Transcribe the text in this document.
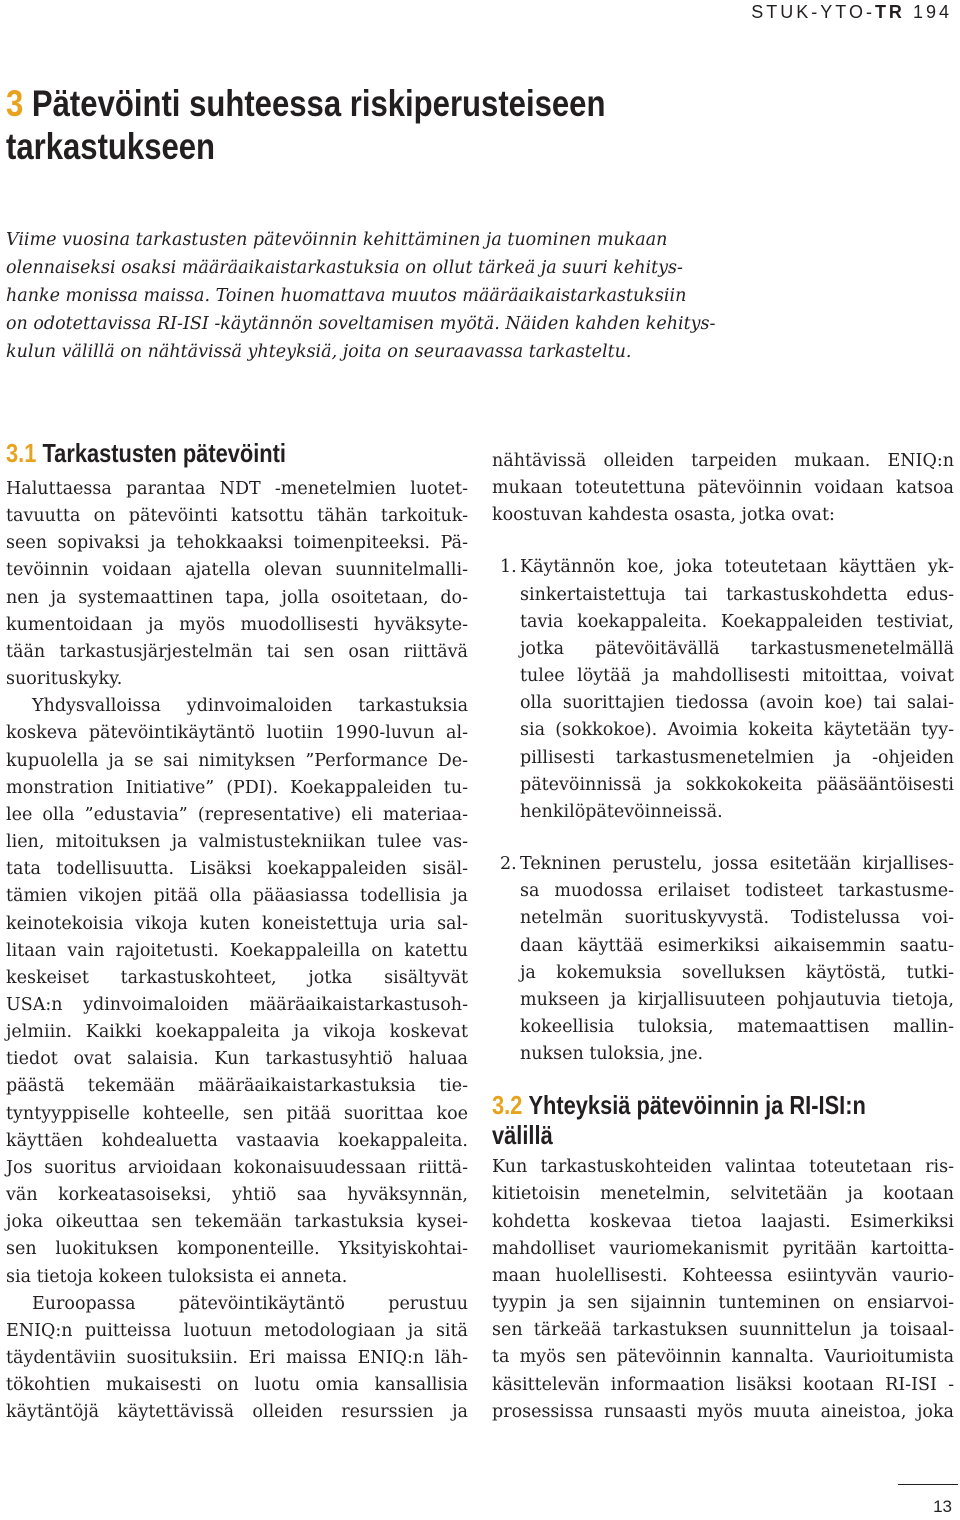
STUK-YTO-TR 194
3 Pätevöinti suhteessa riskiperusteiseen
tarkastukseen

Viime vuosina tarkastusten pätevöinnin kehittäminen ja tuominen mukaan
olennaiseksi osaksi määräaikaistarkastuksia on ollut tärkeä ja suuri kehitys-
hanke monissa maissa. Toinen huomattava muutos määräaikaistarkastuksiin
on odotettavissa RI-ISI -käytännön soveltamisen myötä. Näiden kahden kehitys-
kulun välillä on nähtävissä yhteyksiä, joita on seuraavassa tarkasteltu.

3.1 Tarkastusten pätevöinti

Haluttaessa parantaa NDT -menetelmien luotet-
tavuutta on pätevöinti katsottu tähän tarkoituk-
seen sopivaksi ja tehokkaaksi toimenpiteeksi. Pä-
tevöinnin voidaan ajatella olevan suunnitelmalli-
nen ja systemaattinen tapa, jolla osoitetaan, do-
kumentoidaan ja myös muodollisesti hyväksyte-
tään tarkastusjärjestelmän tai sen osan riittävä
suorituskyky.

Yhdysvalloissa ydinvoimaloiden tarkastuksia
koskeva pätevöintikäytäntö luotiin 1990-luvun al-
kupuolella ja se sai nimityksen ”Performance De-
monstration Initiative” (PDI). Koekappaleiden tu-
lee olla ”edustavia” (representative) eli materiaa-
lien, mitoituksen ja valmistustekniikan tulee vas-
tata todellisuutta. Lisäksi koekappaleiden sisäl-
tämien vikojen pitää olla pääasiassa todellisia ja
keinotekoisia vikoja kuten koneistettuja uria sal-
litaan vain rajoitetusti. Koekappaleilla on katettu
keskeiset tarkastuskohteet, jotka sisältyvät
USA:n ydinvoimaloiden määräaikaistarkastusoh-
jelmiin. Kaikki koekappaleita ja vikoja koskevat
tiedot ovat salaisia. Kun tarkastusyhtiö haluaa
päästä tekemään määräaikaistarkastuksia tie-
tyntyyppiselle kohteelle, sen pitää suorittaa koe
käyttäen kohdealuetta vastaavia koekappaleita.
Jos suoritus arvioidaan kokonaisuudessaan riittä-
vän korkeatasoiseksi, yhtiö saa hyväksynnän,
joka oikeuttaa sen tekemään tarkastuksia kysei-
sen luokituksen komponenteille. Yksityiskohtai-
sia tietoja kokeen tuloksista ei anneta.

Euroopassa pätevöintikäytäntö perustuu
ENIQ:n puitteissa luotuun metodologiaan ja sitä
täydentäviin suosituksiin. Eri maissa ENIQ:n läh-
tökohtien mukaisesti on luotu omia kansallisia
käytäntöjä käytettävissä olleiden resurssien ja

nähtävissä olleiden tarpeiden mukaan. ENIQ:n
mukaan toteutettuna pätevöinnin voidaan katsoa
koostuvan kahdesta osasta, jotka ovat:

1. Käytännön koe, joka toteutetaan käyttäen yk-
sinkertaistettuja tai tarkastuskohdetta edus-
tavia koekappaleita. Koekappaleiden testiviat,
jotka pätevöitävällä tarkastusmenetelmällä
tulee löytää ja mahdollisesti mitoittaa, voivat
olla suorittajien tiedossa (avoin koe) tai salai-
sia (sokkokoe). Avoimia kokeita käytetään tyy-
pillisesti tarkastusmenetelmien ja -ohjeiden
pätevöinnissä ja sokkokokeita pääsääntöisesti
henkilöpätevöinneissä.
2. Tekninen perustelu, jossa esitetään kirjallises-
sa muodossa erilaiset todisteet tarkastusme-
netelmän suorituskyvystä. Todistelussa voi-
daan käyttää esimerkiksi aikaisemmin saatu-
ja kokemuksia sovelluksen käytöstä, tutki-
mukseen ja kirjallisuuteen pohjautuvia tietoja,
kokeellisia tuloksia, matemaattisen mallin-
nuksen tuloksia, jne.
3.2 Yhteyksiä pätevöinnin ja RI-ISI:n
välillä

Kun tarkastuskohteiden valintaa toteutetaan ris-
kitietoisin menetelmin, selvitetään ja kootaan
kohdetta koskevaa tietoa laajasti. Esimerkiksi
mahdolliset vauriomekanismit pyritään kartoitta-
maan huolellisesti. Kohteessa esiintyvän vaurio-
tyypin ja sen sijainnin tunteminen on ensiarvoi-
sen tärkeää tarkastuksen suunnittelun ja toisaal-
ta myös sen pätevöinnin kannalta. Vaurioitumista
käsittelevän informaation lisäksi kootaan RI-ISI -
prosessissa runsaasti myös muuta aineistoa, joka

13
